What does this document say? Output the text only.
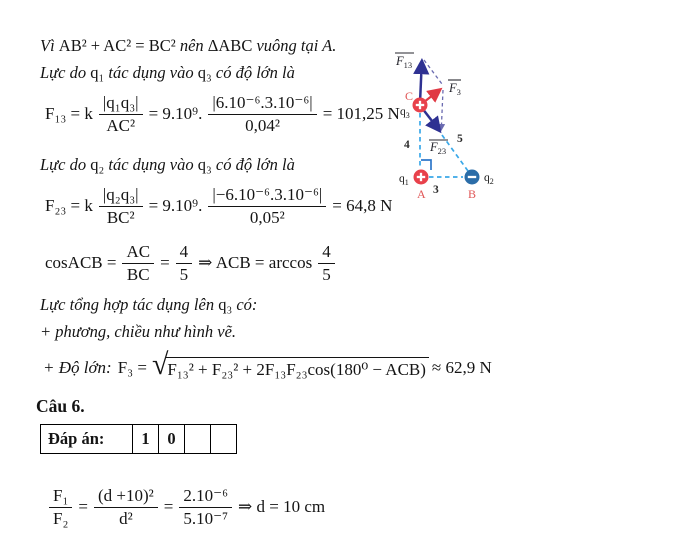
Vì AB² + AC² = BC² nên ΔABC vuông tại A.
Lực do q₁ tác dụng vào q₃ có độ lớn là
F₁₃ = k $\frac{\text{|q₁q₃|}}{\text{AC²}} = 9.10^9$. $\frac{\text{|6.10⁻⁶.3.10⁻⁶|}}{\text{0,04²}} = 101,25$ N
Lực do q₂ tác dụng vào q₃ có độ lớn là
F₂₃ = k $\frac{\text{|q₂q₃|}}{\text{BC²}} = 9.10^9$. $\frac{\text{|−6.10⁻⁶.3.10⁻⁶|}}{\text{0,05²}} = 64,8$ N
cosACB = $\frac{AC}{BC} = \frac{4}{5}$ ⇒ ACB = $\arccos \frac{4}{5}$
Lực tổng hợp tác dụng lên q₃ có:
+ phương, chiều như hình vẽ.
+ Độ lớn: F₃ = √ F₁₃² + F₂₃² + 2F₁₃F₂₃cos(180⁰ − ACB) ≈ 62,9 N
Câu 6.
Đáp án:	1	0		
$\frac{\text{F₁}}{\text{F₂}} = \frac{\text{(d +10)²}}{\text{d²}} = \frac{\text{2.10⁻⁶}}{\text{5.10⁻⁷}}$ ⇒ d = 10 cm
$F_{13}$
$F_3$
$F_{23}$
4	5
3
C
A	B
$q_3$
$q_1$	$q_2$
